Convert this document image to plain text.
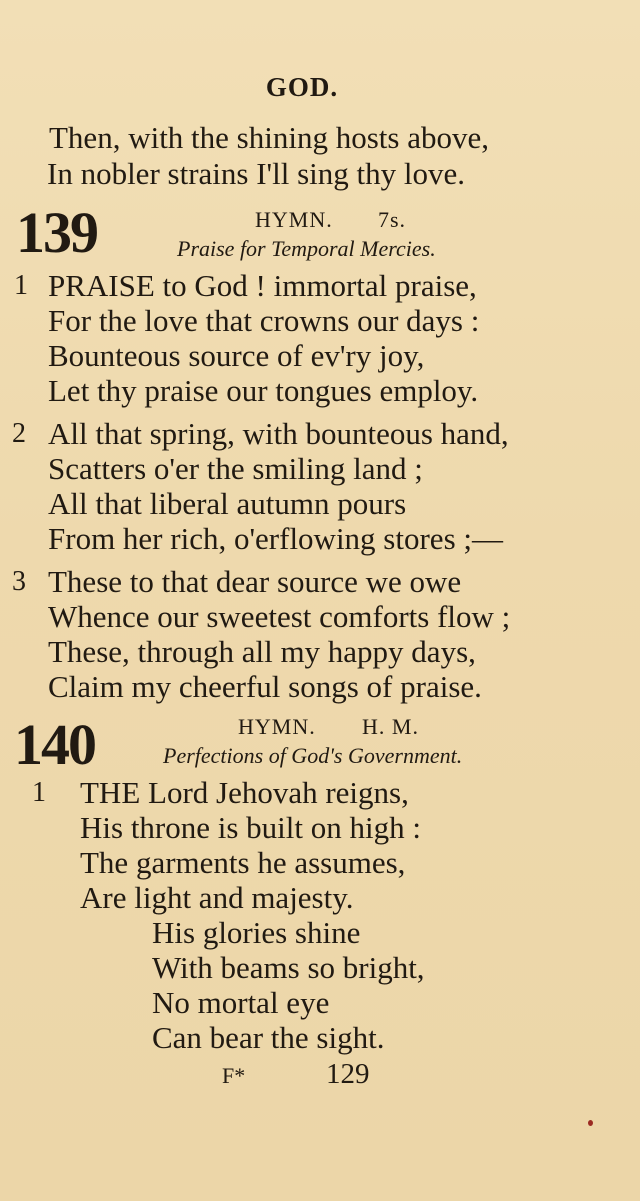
GOD.
Then, with the shining hosts above,
In nobler strains I'll sing thy love.
139	HYMN. 7s.
Praise for Temporal Mercies.
1 PRAISE to God ! immortal praise,
For the love that crowns our days :
Bounteous source of ev'ry joy,
Let thy praise our tongues employ.
2 All that spring, with bounteous hand,
Scatters o'er the smiling land ;
All that liberal autumn pours
From her rich, o'erflowing stores ;—
3 These to that dear source we owe
Whence our sweetest comforts flow ;
These, through all my happy days,
Claim my cheerful songs of praise.
140	HYMN. H. M.
Perfections of God's Government.
1 THE Lord Jehovah reigns,
His throne is built on high :
The garments he assumes,
Are light and majesty.
His glories shine
With beams so bright,
No mortal eye
Can bear the sight.
F*	129
